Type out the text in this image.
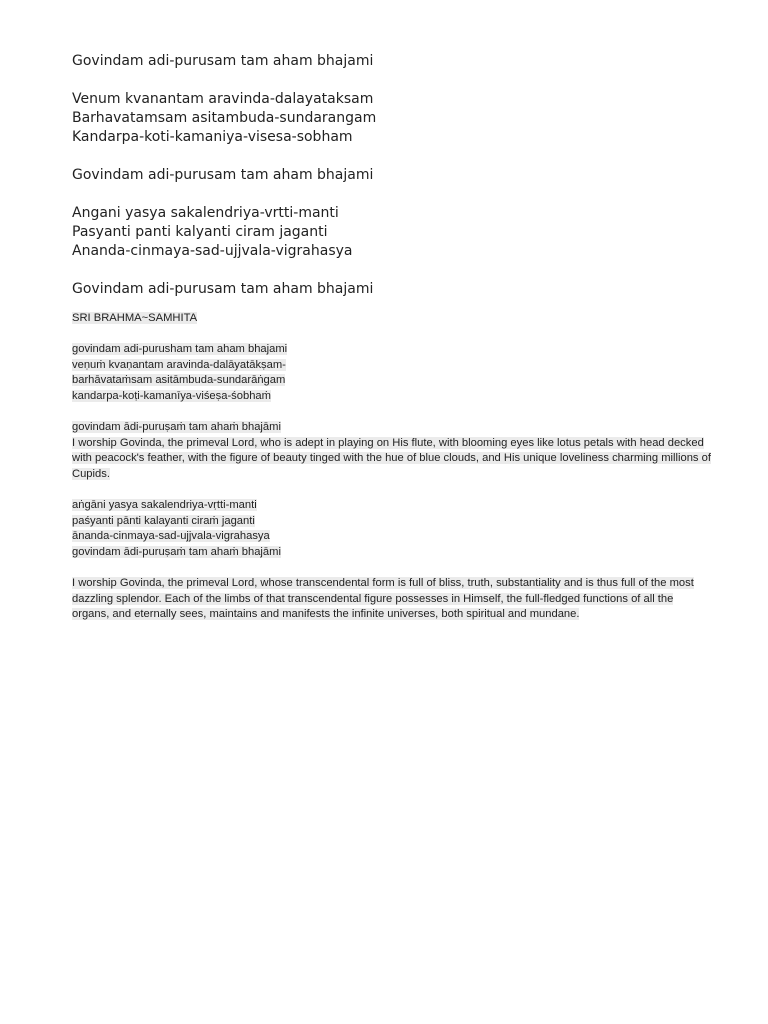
Govindam adi-purusam tam aham bhajami

Venum kvanantam aravinda-dalayataksam

Barhavatamsam asitambuda-sundarangam

Kandarpa-koti-kamaniya-visesa-sobham

Govindam adi-purusam tam aham bhajami

Angani yasya sakalendriya-vrtti-manti

Pasyanti panti kalyanti ciram jaganti

Ananda-cinmaya-sad-ujjvala-vigrahasya

Govindam adi-purusam tam aham bhajami

SRI BRAHMA~SAMHITA
govindam adi-purusham tam aham bhajami
veṇuṁ kvaṇantam aravinda-dalāyatākṣam-
barhāvataṁsam asitāmbuda-sundarāṅgam
kandarpa-koṭi-kamanīya-viśeṣa-śobhaṁ
govindam ādi-puruṣaṁ tam ahaṁ bhajāmi
I worship Govinda, the primeval Lord, who is adept in playing on His flute, with blooming eyes like lotus petals with head decked with peacock's feather, with the figure of beauty tinged with the hue of blue clouds, and His unique loveliness charming millions of Cupids.
aṅgāni yasya sakalendriya-vṛtti-manti
paśyanti pānti kalayanti ciraṁ jaganti
ānanda-cinmaya-sad-ujjvala-vigrahasya
govindam ādi-puruṣaṁ tam ahaṁ bhajāmi
I worship Govinda, the primeval Lord, whose transcendental form is full of bliss, truth, substantiality and is thus full of the most dazzling splendor. Each of the limbs of that transcendental figure possesses in Himself, the full-fledged functions of all the organs, and eternally sees, maintains and manifests the infinite universes, both spiritual and mundane.
